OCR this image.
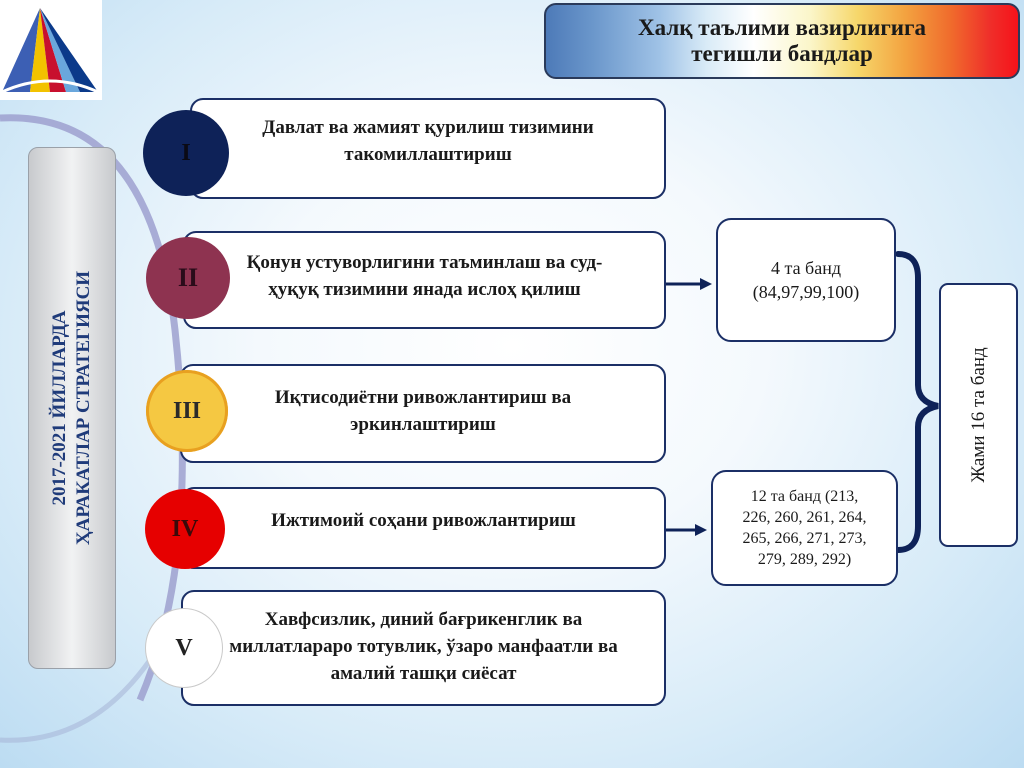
Халқ таълими вазирлигига
тегишли бандлар
2017-2021 ЙИЛЛАРДА ҲАРАКАТЛАР СТРАТЕГИЯСИ
Давлат ва жамият қурилиш тизимини
такомиллаштириш
I
Қонун устуворлигини таъминлаш ва суд-
ҳуқуқ тизимини янада ислоҳ қилиш
II
Иқтисодиётни ривожлантириш ва
эркинлаштириш
III
Ижтимоий соҳани ривожлантириш
IV
Хавфсизлик, диний бағрикенглик ва
миллатлараро тотувлик, ўзаро манфаатли ва
амалий ташқи сиёсат
V
4 та банд
(84,97,99,100)
12 та банд (213,
226, 260, 261, 264,
265, 266, 271, 273,
279, 289, 292)
Жами 16 та банд
